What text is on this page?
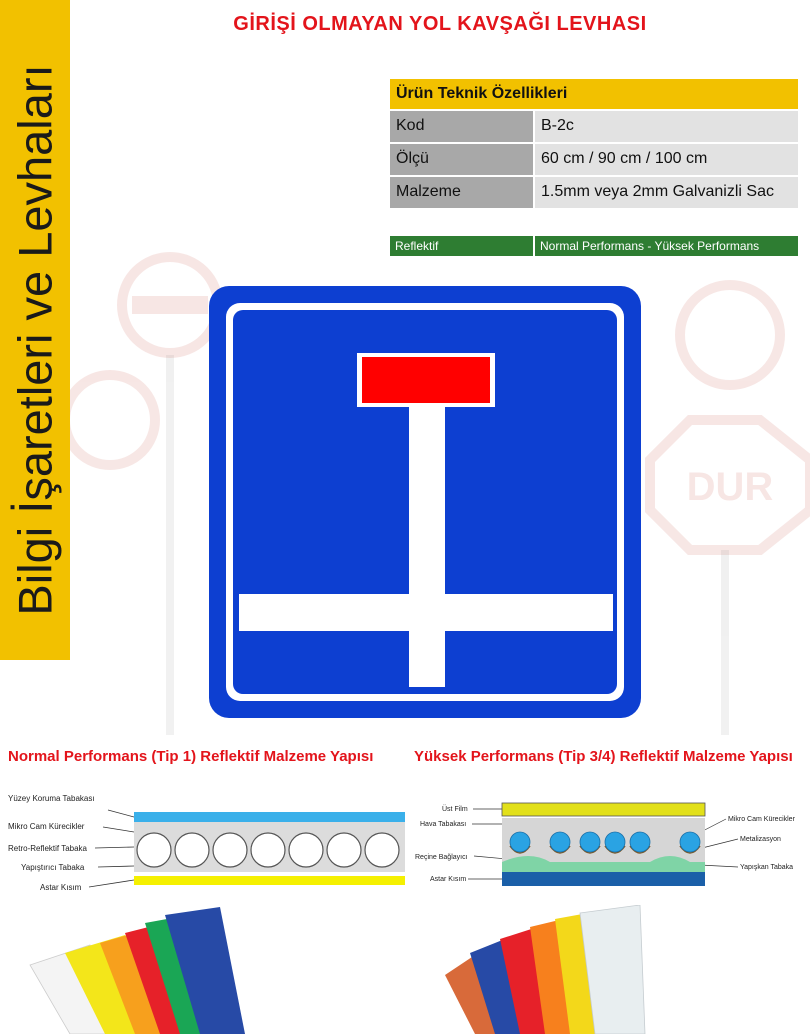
Bilgi İşaretleri ve Levhaları
GİRİŞİ OLMAYAN YOL KAVŞAĞI LEVHASI
Ürün Teknik Özellikleri
Kod	B-2c
Ölçü	60 cm / 90 cm / 100 cm
Malzeme	1.5mm veya 2mm Galvanizli Sac
Reflektif	Normal Performans - Yüksek Performans
DUR
Normal Performans (Tip 1) Reflektif Malzeme Yapısı	Yüksek Performans (Tip 3/4) Reflektif Malzeme Yapısı
Yüzey Koruma Tabakası
Mikro Cam Kürecikler
Retro-Reflektif Tabaka
Yapıştırıcı Tabaka
Astar Kısım
Üst Film
Hava Tabakası
Reçine Bağlayıcı
Astar Kısım
Mikro Cam Kürecikler
Metalizasyon
Yapışkan Tabaka
